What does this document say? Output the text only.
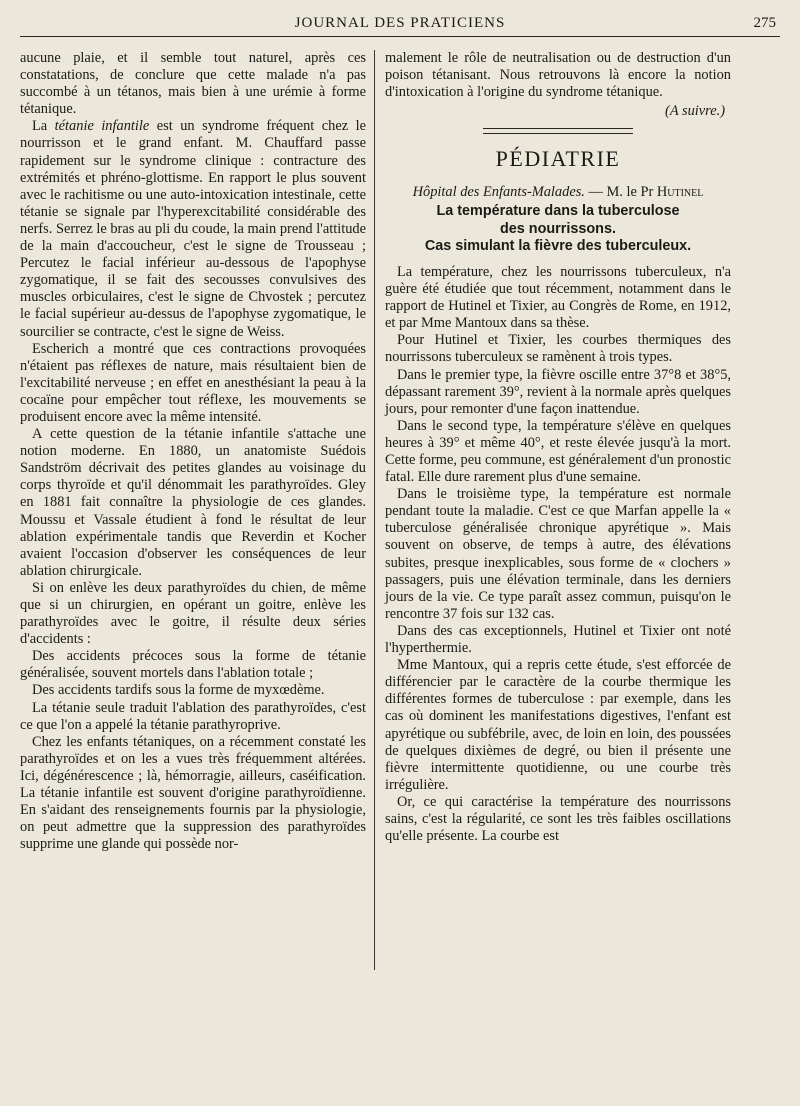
JOURNAL DES PRATICIENS	275

aucune plaie, et il semble tout naturel, après ces constatations, de conclure que cette malade n'a pas succombé à un tétanos, mais bien à une urémie à forme tétanique.

La tétanie infantile est un syndrome fréquent chez le nourrisson et le grand enfant. M. Chauffard passe rapidement sur le syndrome clinique : contracture des extrémités et phréno-glottisme. En rapport le plus souvent avec le rachitisme ou une auto-intoxication intestinale, cette tétanie se signale par l'hyperexcitabilité considérable des nerfs. Serrez le bras au pli du coude, la main prend l'attitude de la main d'accoucheur, c'est le signe de Trousseau ; Percutez le facial inférieur au-dessous de l'apophyse zygomatique, il se fait des secousses convulsives des muscles orbiculaires, c'est le signe de Chvostek ; percutez le facial supérieur au-dessus de l'apophyse zygomatique, le sourcilier se contracte, c'est le signe de Weiss.

Escherich a montré que ces contractions provoquées n'étaient pas réflexes de nature, mais résultaient bien de l'excitabilité nerveuse ; en effet en anesthésiant la peau à la cocaïne pour empêcher tout réflexe, les mouvements se produisent encore avec la même intensité.

A cette question de la tétanie infantile s'attache une notion moderne. En 1880, un anatomiste Suédois Sandström décrivait des petites glandes au voisinage du corps thyroïde et qu'il dénommait les parathyroïdes. Gley en 1881 fait connaître la physiologie de ces glandes. Moussu et Vassale étudient à fond le résultat de leur ablation expérimentale tandis que Reverdin et Kocher avaient l'occasion d'observer les conséquences de leur ablation chirurgicale.

Si on enlève les deux parathyroïdes du chien, de même que si un chirurgien, en opérant un goitre, enlève les parathyroïdes avec le goitre, il résulte deux séries d'accidents :

Des accidents précoces sous la forme de tétanie généralisée, souvent mortels dans l'ablation totale ;

Des accidents tardifs sous la forme de myxœdème.

La tétanie seule traduit l'ablation des parathyroïdes, c'est ce que l'on a appelé la tétanie parathyroprive.

Chez les enfants tétaniques, on a récemment constaté les parathyroïdes et on les a vues très fréquemment altérées. Ici, dégénérescence ; là, hémorragie, ailleurs, caséification. La tétanie infantile est souvent d'origine parathyroïdienne. En s'aidant des renseignements fournis par la physiologie, on peut admettre que la suppression des parathyroïdes supprime une glande qui possède nor-

malement le rôle de neutralisation ou de destruction d'un poison tétanisant. Nous retrouvons là encore la notion d'intoxication à l'origine du syndrome tétanique.

(A suivre.)

PÉDIATRIE

Hôpital des Enfants-Malades. — M. le Pr Hutinel

La température dans la tuberculose
des nourrissons.
Cas simulant la fièvre des tuberculeux.

La température, chez les nourrissons tuberculeux, n'a guère été étudiée que tout récemment, notamment dans le rapport de Hutinel et Tixier, au Congrès de Rome, en 1912, et par Mme Mantoux dans sa thèse.

Pour Hutinel et Tixier, les courbes thermiques des nourrissons tuberculeux se ramènent à trois types.

Dans le premier type, la fièvre oscille entre 37°8 et 38°5, dépassant rarement 39°, revient à la normale après quelques jours, pour remonter d'une façon inattendue.

Dans le second type, la température s'élève en quelques heures à 39° et même 40°, et reste élevée jusqu'à la mort. Cette forme, peu commune, est généralement d'un pronostic fatal. Elle dure rarement plus d'une semaine.

Dans le troisième type, la température est normale pendant toute la maladie. C'est ce que Marfan appelle la « tuberculose généralisée chronique apyrétique ». Mais souvent on observe, de temps à autre, des élévations subites, presque inexplicables, sous forme de « clochers » passagers, puis une élévation terminale, dans les derniers jours de la vie. Ce type paraît assez commun, puisqu'on le rencontre 37 fois sur 132 cas.

Dans des cas exceptionnels, Hutinel et Tixier ont noté l'hyperthermie.

Mme Mantoux, qui a repris cette étude, s'est efforcée de différencier par le caractère de la courbe thermique les différentes formes de tuberculose : par exemple, dans les cas où dominent les manifestations digestives, l'enfant est apyrétique ou subfébrile, avec, de loin en loin, des poussées de quelques dixièmes de degré, ou bien il présente une fièvre intermittente quotidienne, ou une courbe très irrégulière.

Or, ce qui caractérise la température des nourrissons sains, c'est la régularité, ce sont les très faibles oscillations qu'elle présente. La courbe est
